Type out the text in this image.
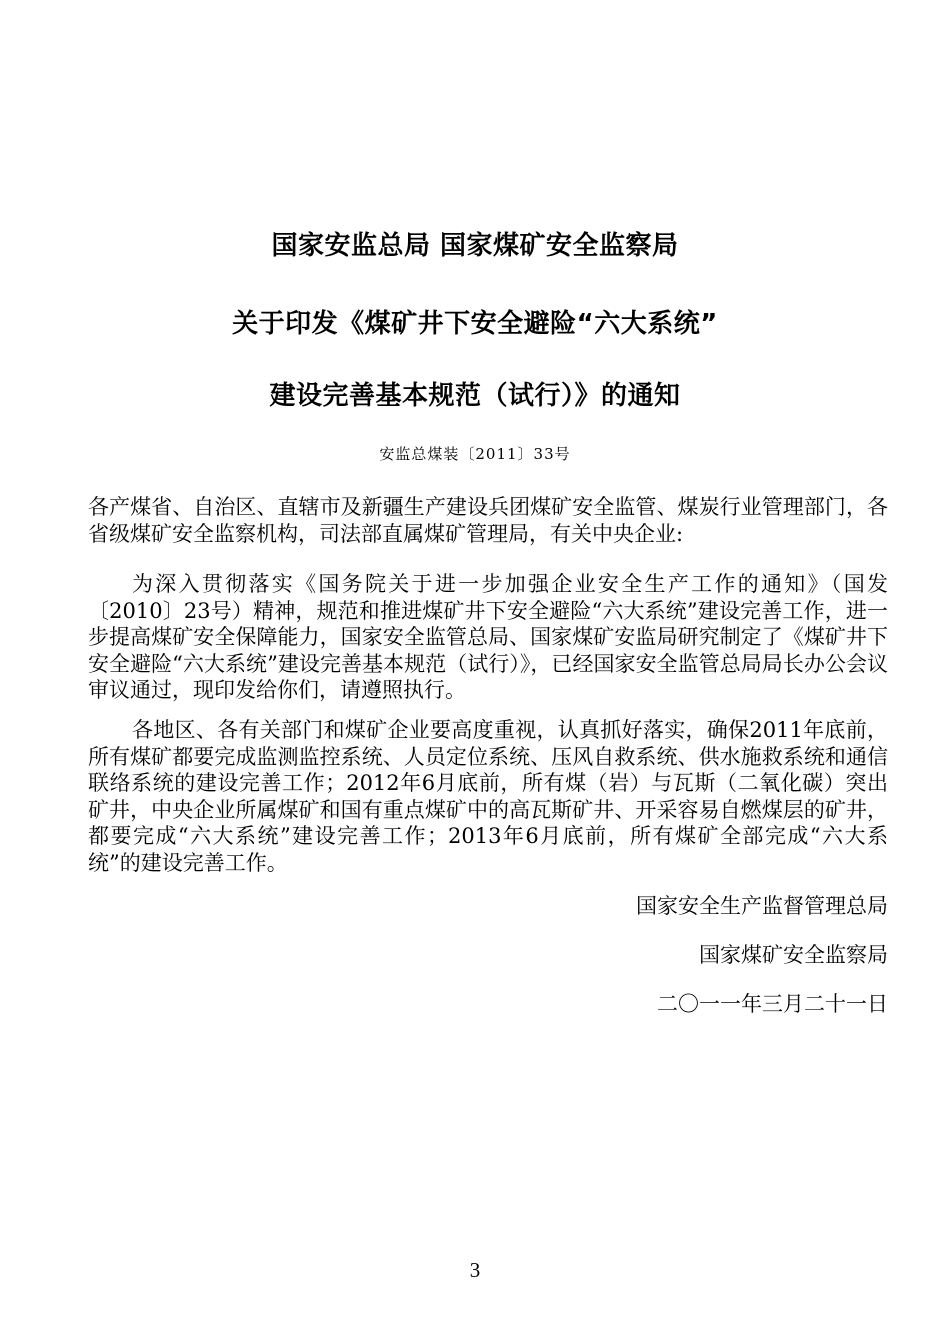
国家安监总局 国家煤矿安全监察局
关于印发《煤矿井下安全避险“六大系统”
建设完善基本规范（试行）》的通知
安监总煤装〔2011〕33号

各产煤省、自治区、直辖市及新疆生产建设兵团煤矿安全监管、煤炭行业管理部门，各省级煤矿安全监察机构，司法部直属煤矿管理局，有关中央企业:

为深入贯彻落实《国务院关于进一步加强企业安全生产工作的通知》（国发〔2010〕23号）精神，规范和推进煤矿井下安全避险“六大系统”建设完善工作，进一步提高煤矿安全保障能力，国家安全监管总局、国家煤矿安监局研究制定了《煤矿井下安全避险“六大系统”建设完善基本规范（试行）》，已经国家安全监管总局局长办公会议审议通过，现印发给你们，请遵照执行。

各地区、各有关部门和煤矿企业要高度重视，认真抓好落实，确保2011年底前，所有煤矿都要完成监测监控系统、人员定位系统、压风自救系统、供水施救系统和通信联络系统的建设完善工作；2012年6月底前，所有煤（岩）与瓦斯（二氧化碳）突出矿井，中央企业所属煤矿和国有重点煤矿中的高瓦斯矿井、开采容易自燃煤层的矿井，都要完成“六大系统”建设完善工作；2013年6月底前，所有煤矿全部完成“六大系统”的建设完善工作。

国家安全生产监督管理总局
国家煤矿安全监察局
二〇一一年三月二十一日
3
